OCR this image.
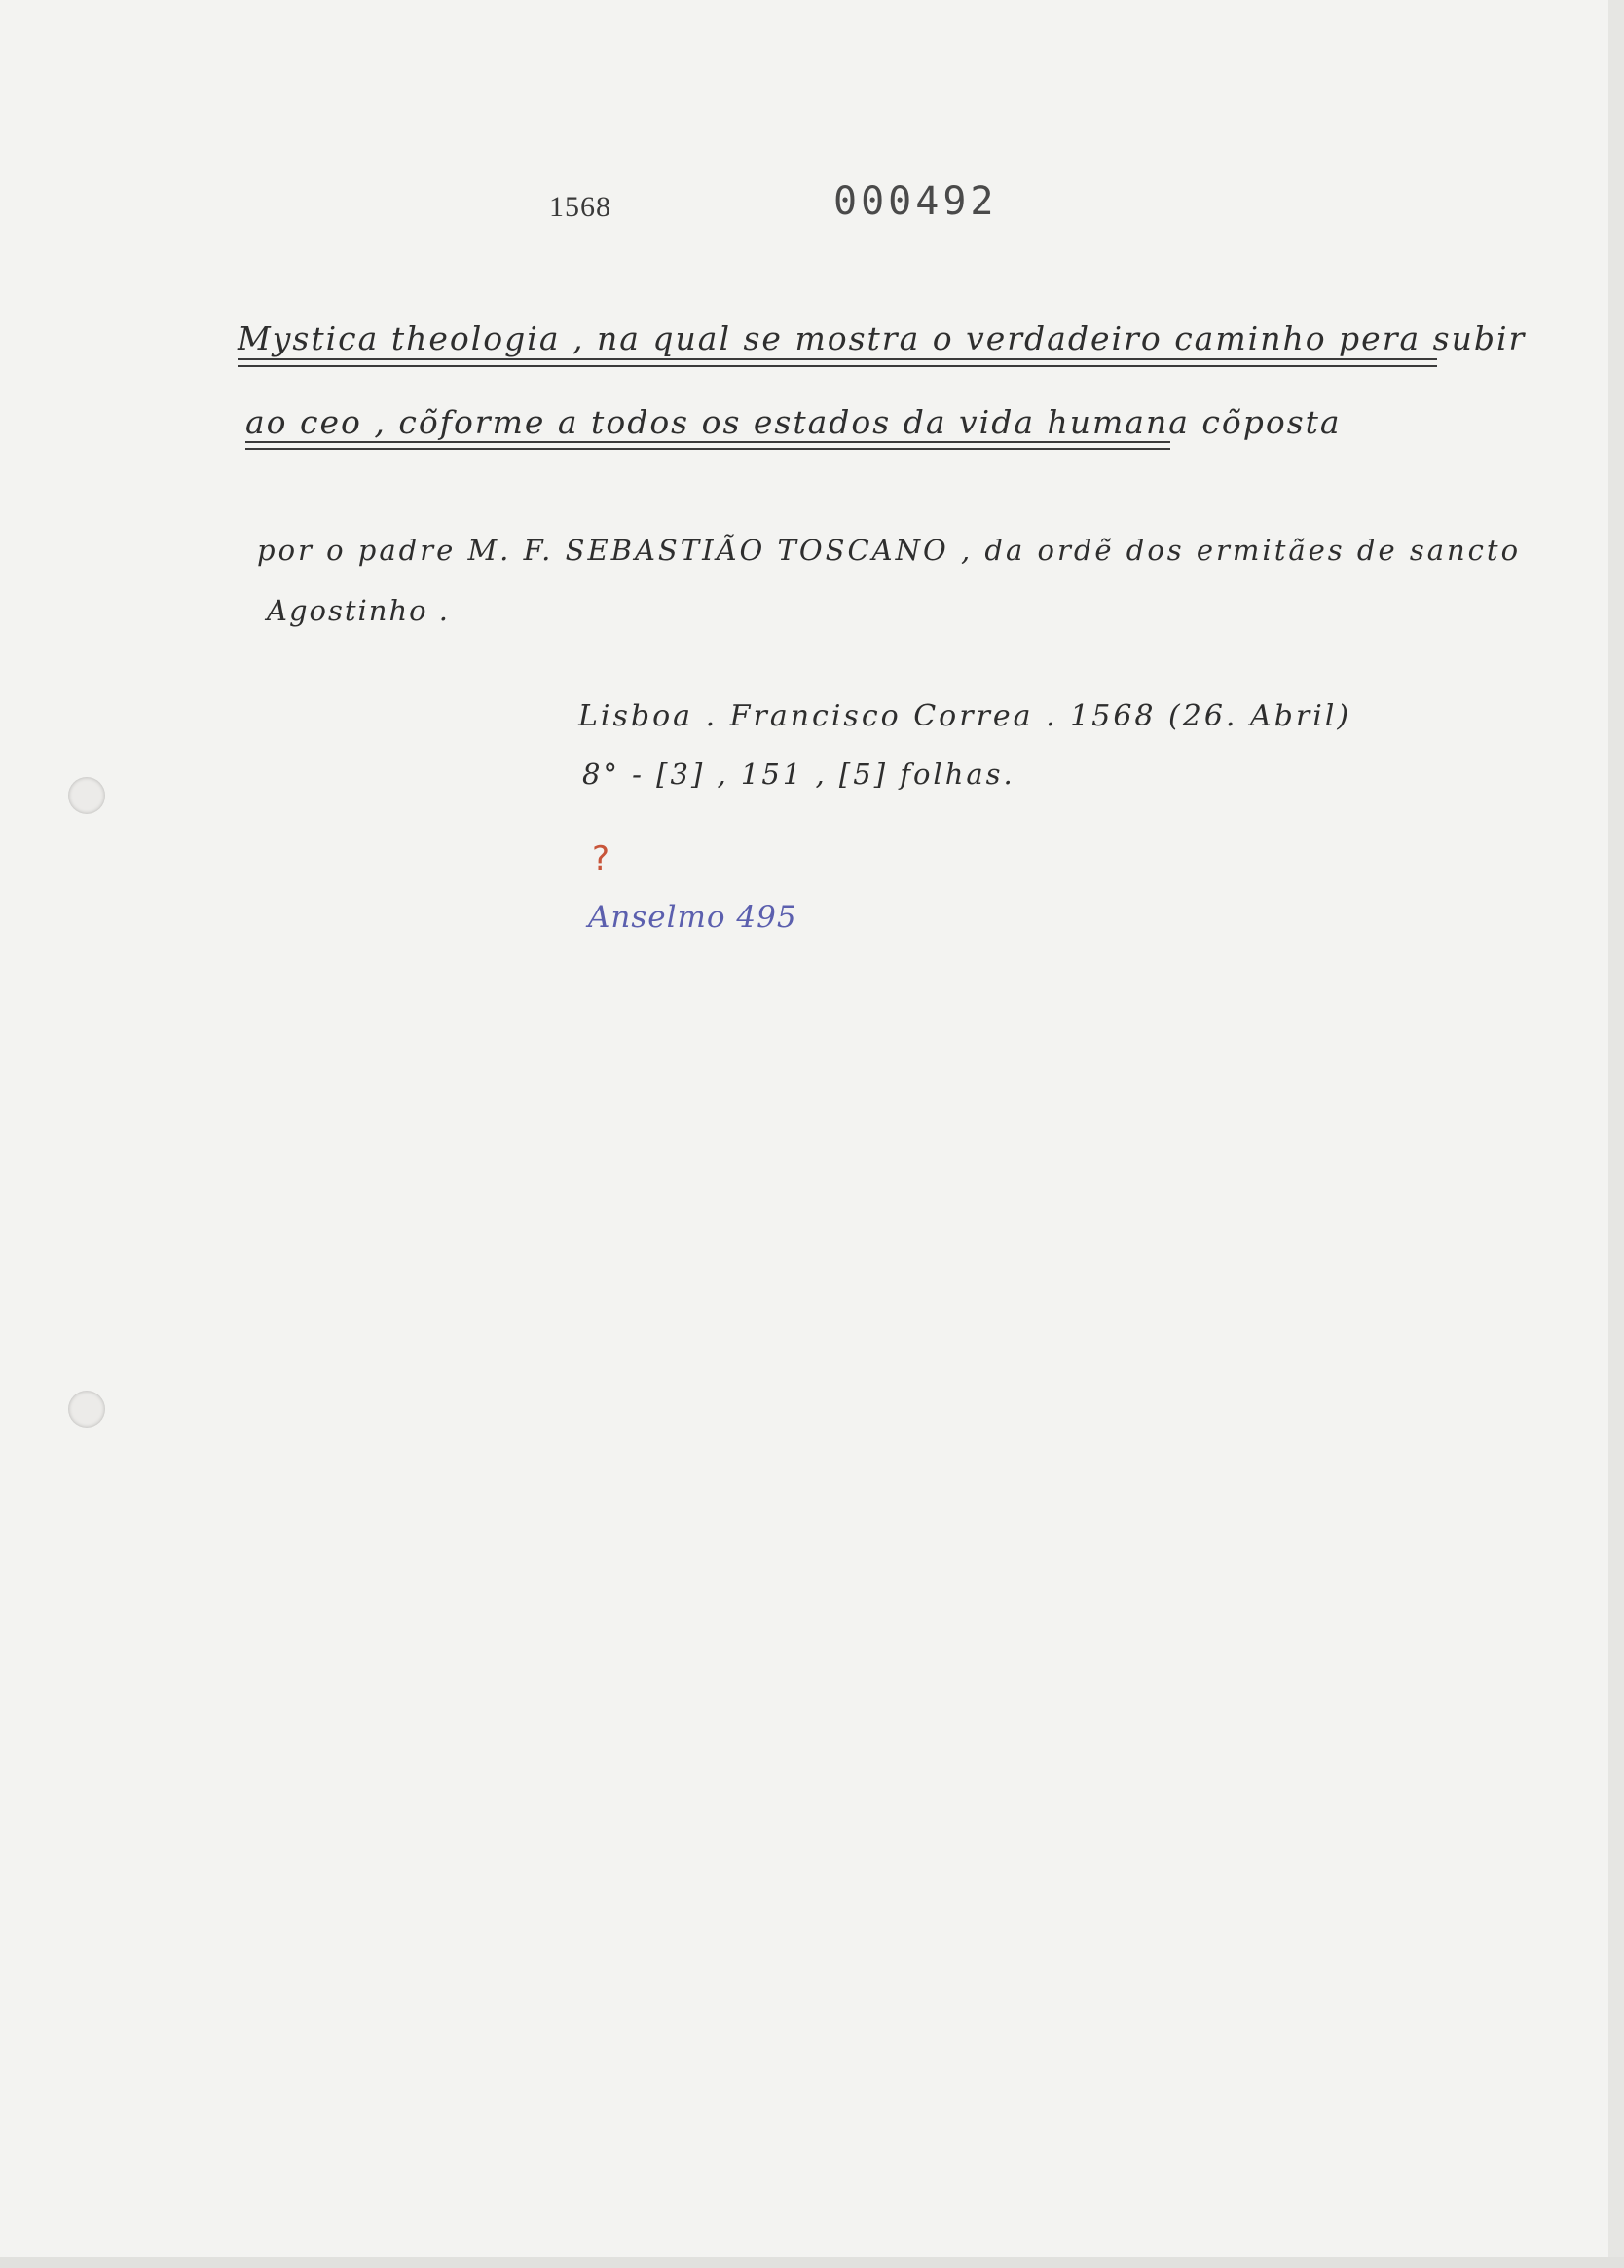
1568	000492
Mystica theologia , na qual se mostra o verdadeiro caminho pera subir
ao ceo , cõforme a todos os estados da vida humana cõposta
por o padre M. F. SEBASTIÃO TOSCANO , da ordẽ dos ermitães de sancto
Agostinho .
Lisboa . Francisco Correa . 1568 (26. Abril)
8° - [3] , 151 , [5] folhas.
?
Anselmo 495
